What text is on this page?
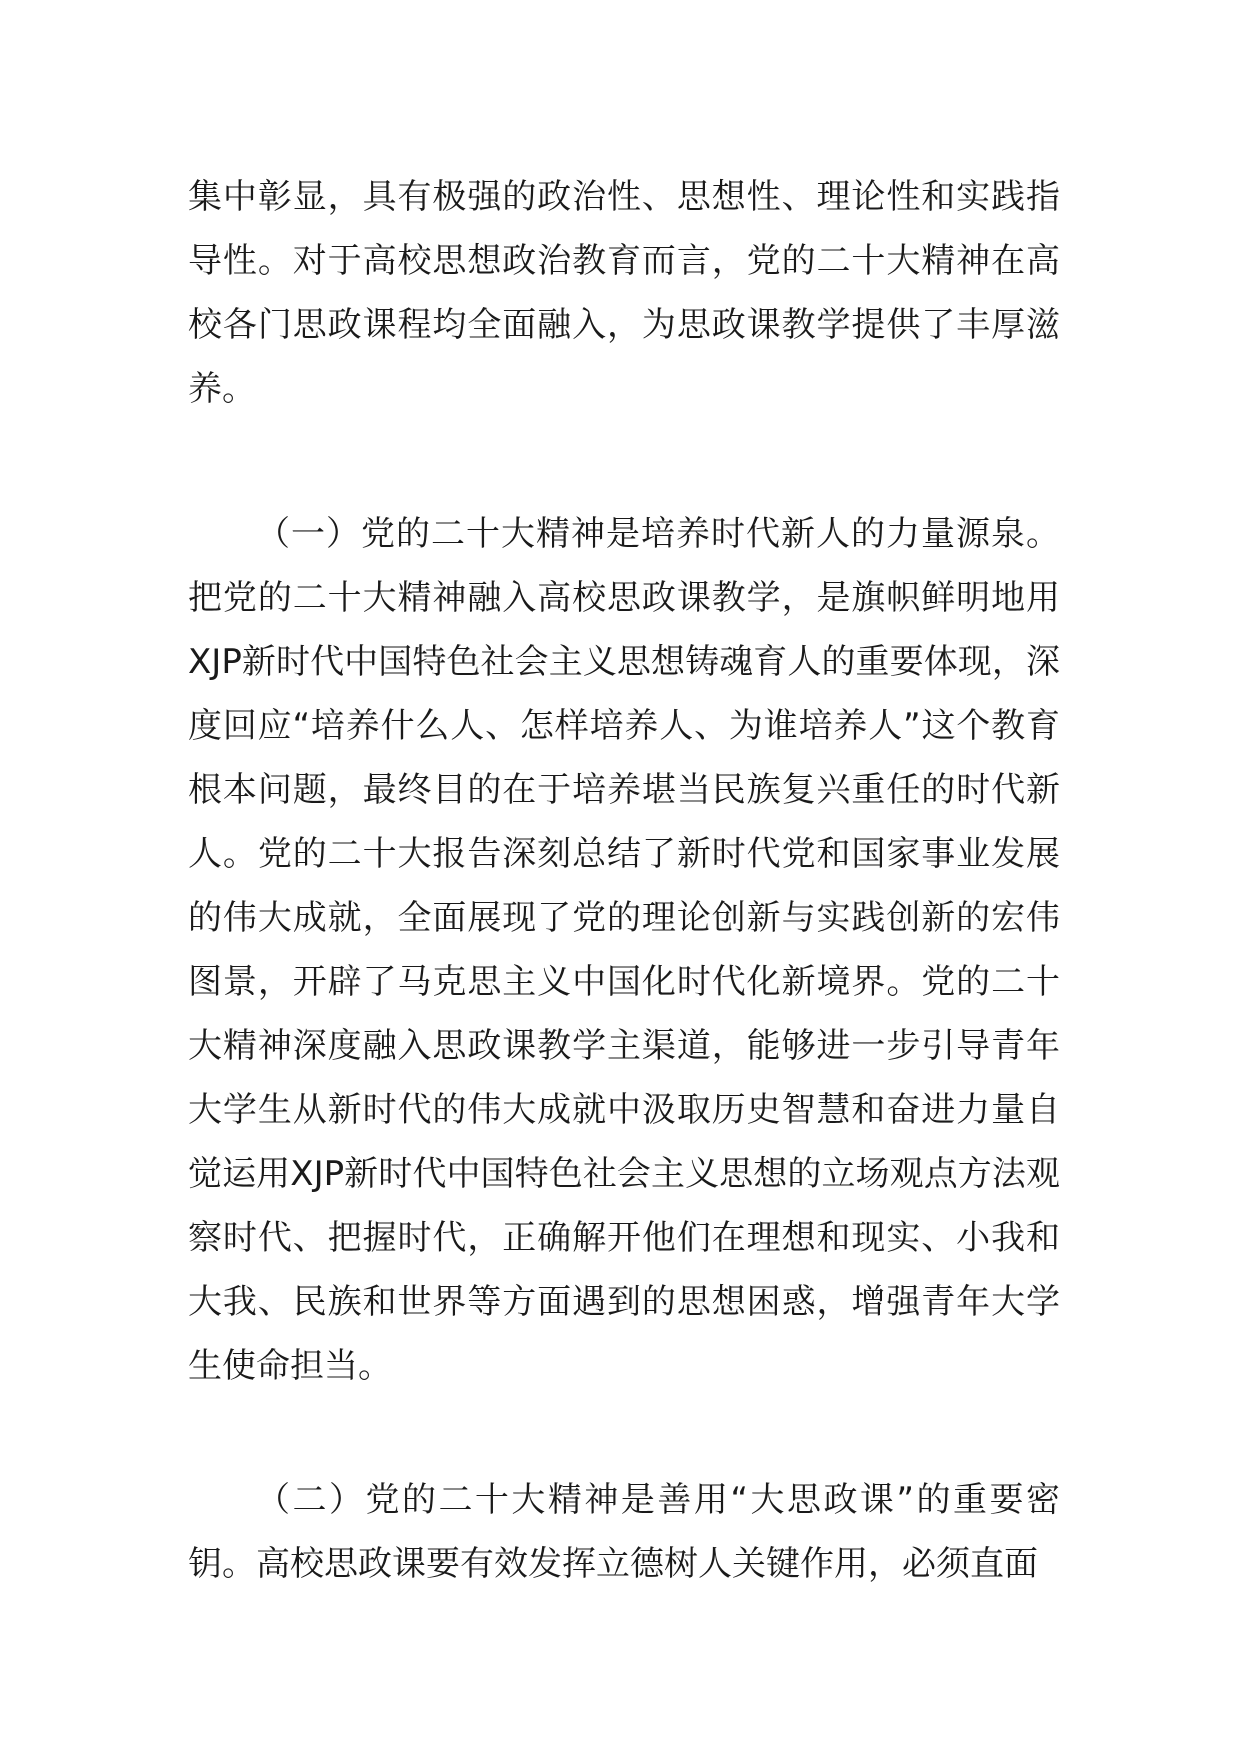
集中彰显，具有极强的政治性、思想性、理论性和实践指导性。对于高校思想政治教育而言，党的二十大精神在高校各门思政课程均全面融入，为思政课教学提供了丰厚滋养。

（一）党的二十大精神是培养时代新人的力量源泉。把党的二十大精神融入高校思政课教学，是旗帜鲜明地用XJP新时代中国特色社会主义思想铸魂育人的重要体现，深度回应“培养什么人、怎样培养人、为谁培养人”这个教育根本问题，最终目的在于培养堪当民族复兴重任的时代新人。党的二十大报告深刻总结了新时代党和国家事业发展的伟大成就，全面展现了党的理论创新与实践创新的宏伟图景，开辟了马克思主义中国化时代化新境界。党的二十大精神深度融入思政课教学主渠道，能够进一步引导青年大学生从新时代的伟大成就中汲取历史智慧和奋进力量自觉运用XJP新时代中国特色社会主义思想的立场观点方法观察时代、把握时代，正确解开他们在理想和现实、小我和大我、民族和世界等方面遇到的思想困惑，增强青年大学生使命担当。

（二）党的二十大精神是善用“大思政课”的重要密钥。高校思政课要有效发挥立德树人关键作用，必须直面
